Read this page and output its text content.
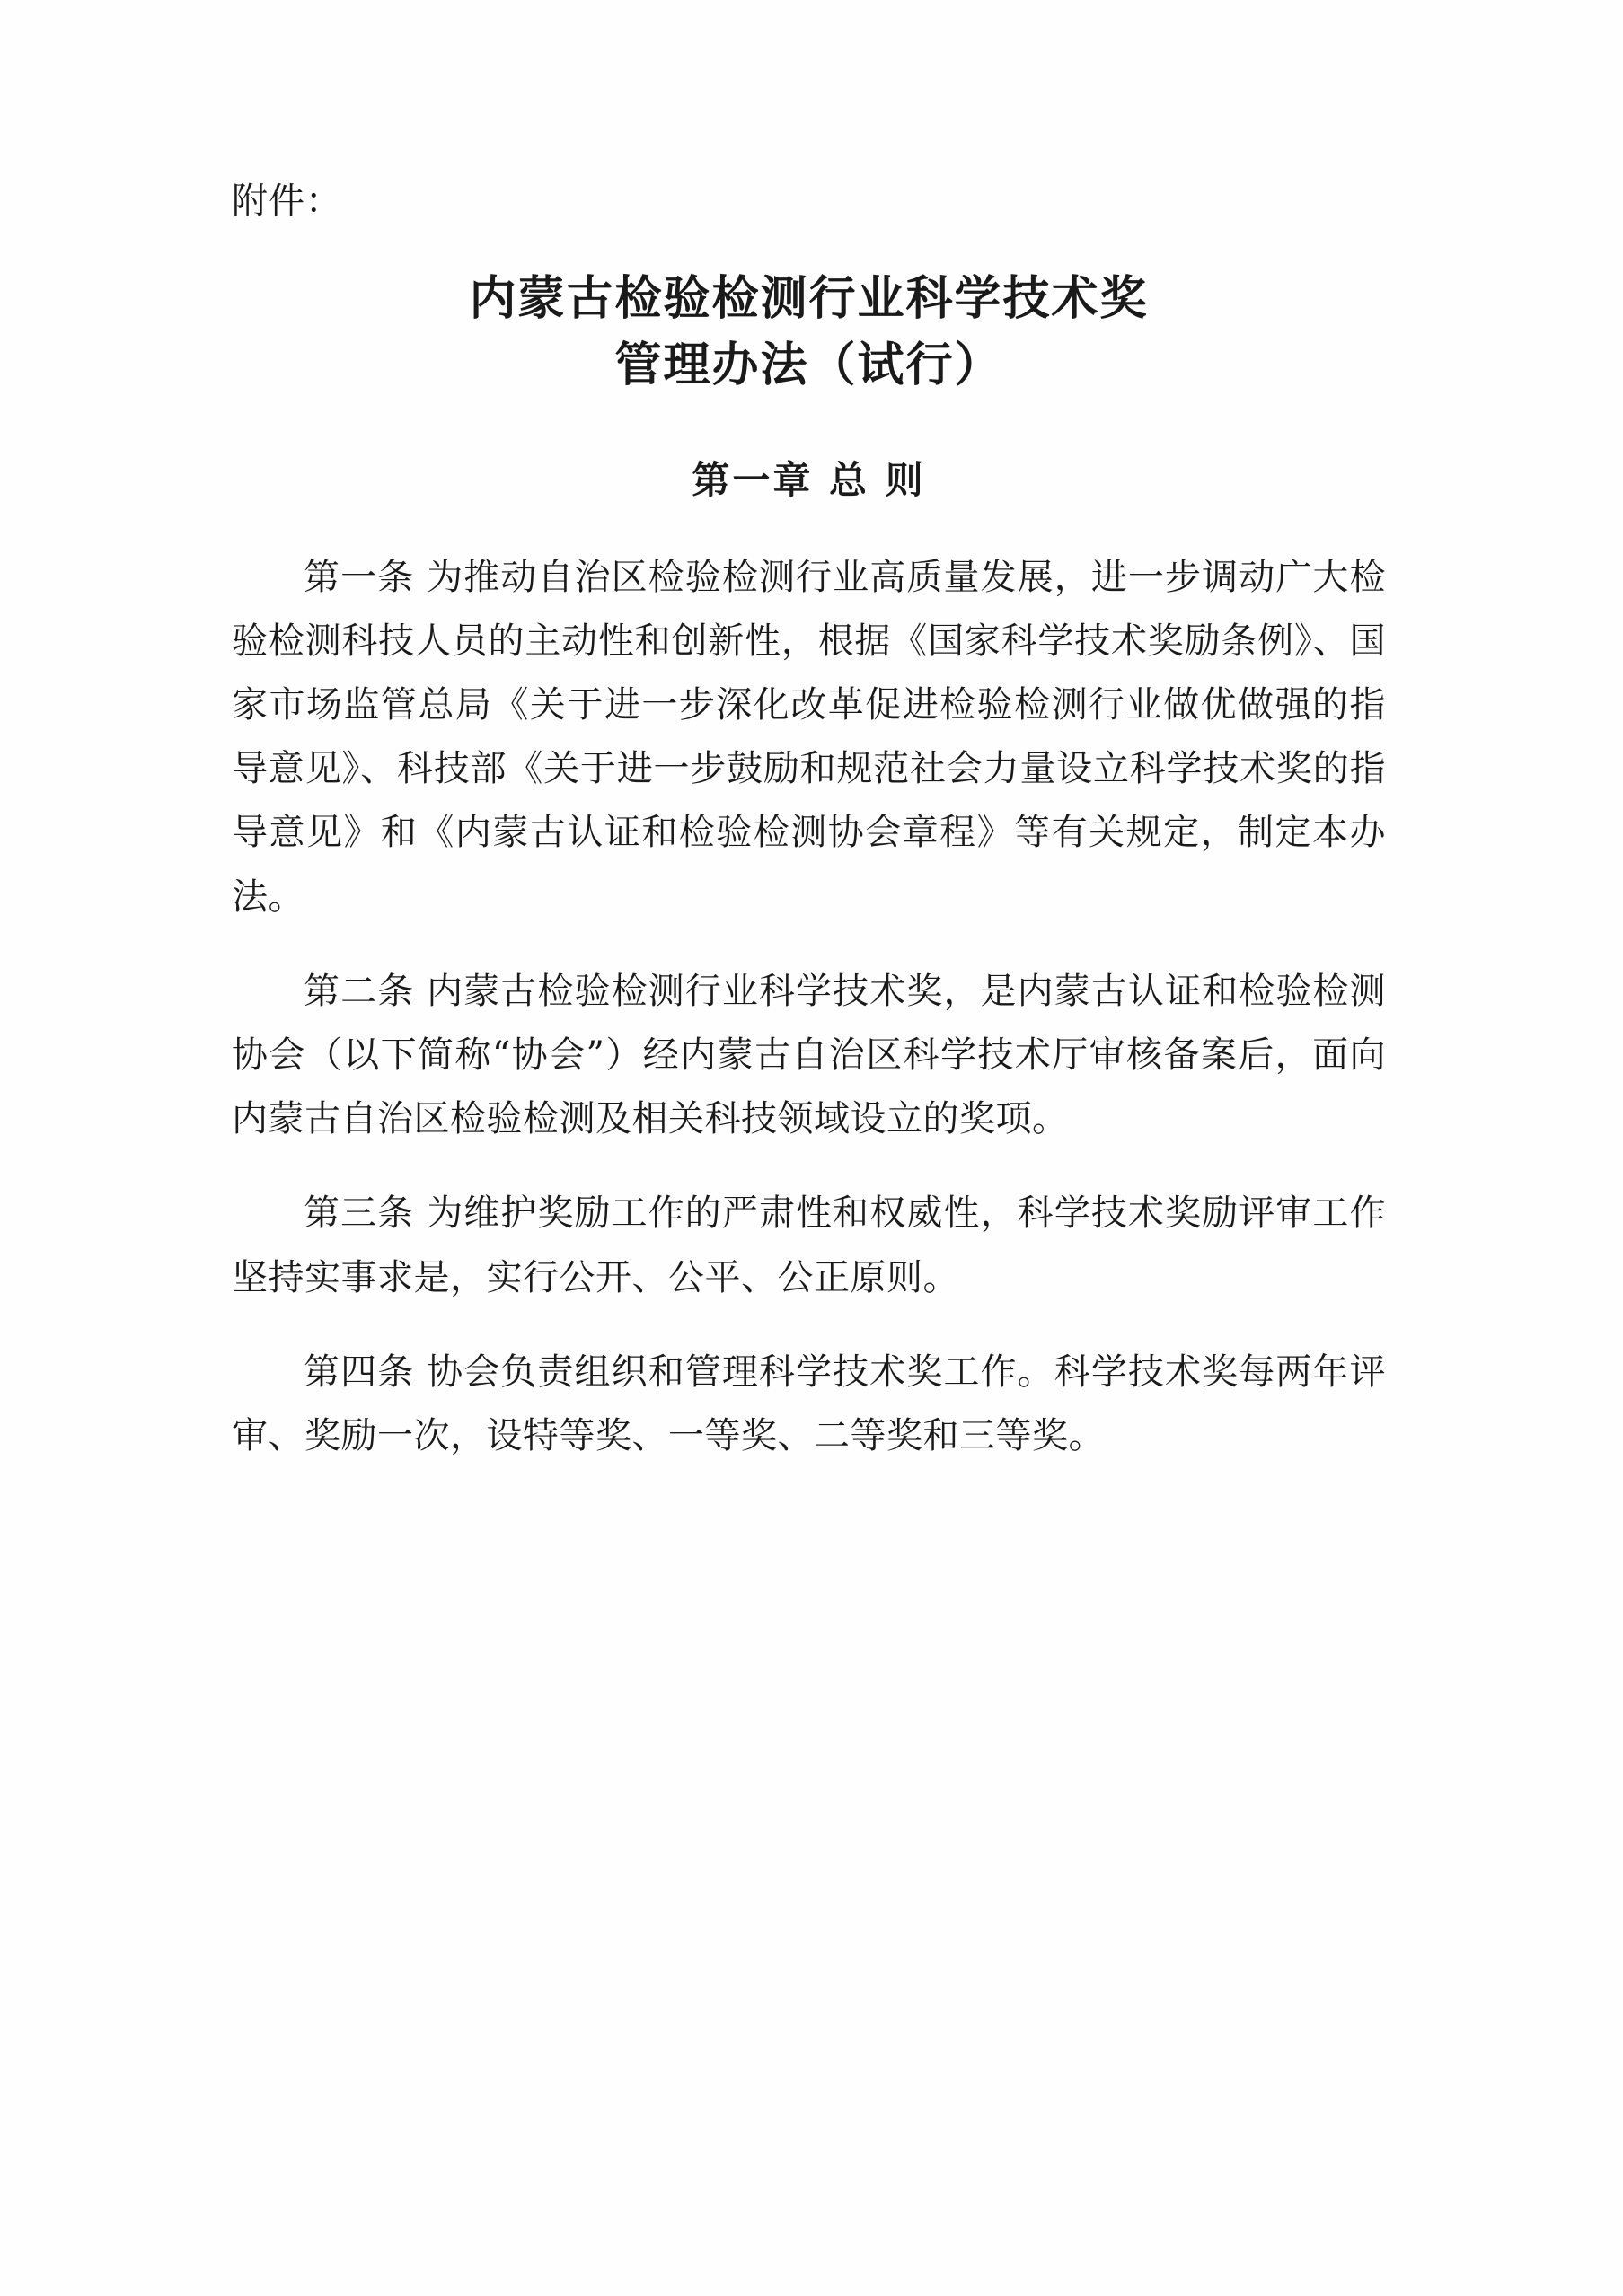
附件：
内蒙古检验检测行业科学技术奖
管理办法（试行）
第一章 总 则

第一条 为推动自治区检验检测行业高质量发展，进一步调动广大检验检测科技人员的主动性和创新性，根据《国家科学技术奖励条例》、国家市场监管总局《关于进一步深化改革促进检验检测行业做优做强的指导意见》、科技部《关于进一步鼓励和规范社会力量设立科学技术奖的指导意见》和《内蒙古认证和检验检测协会章程》等有关规定，制定本办法。

第二条 内蒙古检验检测行业科学技术奖，是内蒙古认证和检验检测协会（以下简称“协会”）经内蒙古自治区科学技术厅审核备案后，面向内蒙古自治区检验检测及相关科技领域设立的奖项。

第三条 为维护奖励工作的严肃性和权威性，科学技术奖励评审工作坚持实事求是，实行公开、公平、公正原则。

第四条 协会负责组织和管理科学技术奖工作。科学技术奖每两年评审、奖励一次，设特等奖、一等奖、二等奖和三等奖。
